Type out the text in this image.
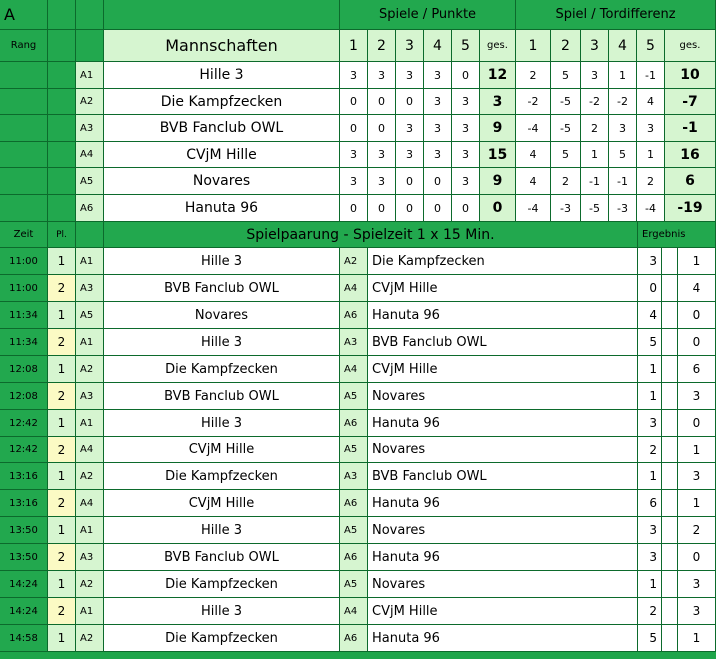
A	Spiele / Punkte	Spiel / Tordifferenz
Rang	Mannschaften	1	2	3	4	5	ges.	1	2	3	4	5	ges.
A1	Hille 3	3	3	3	3	0	12	2	5	3	1	-1	10
A2	Die Kampfzecken	0	0	0	3	3	3	-2	-5	-2	-2	4	-7
A3	BVB Fanclub OWL	0	0	3	3	3	9	-4	-5	2	3	3	-1
A4	CVjM Hille	3	3	3	3	3	15	4	5	1	5	1	16
A5	Novares	3	3	0	0	3	9	4	2	-1	-1	2	6
A6	Hanuta 96	0	0	0	0	0	0	-4	-3	-5	-3	-4	-19
Zeit	Pl.	Spielpaarung - Spielzeit 1 x 15 Min.	Ergebnis
11:00	1	A1	Hille 3	A2	Die Kampfzecken	3	1
11:00	2	A3	BVB Fanclub OWL	A4	CVjM Hille	0	4
11:34	1	A5	Novares	A6	Hanuta 96	4	0
11:34	2	A1	Hille 3	A3	BVB Fanclub OWL	5	0
12:08	1	A2	Die Kampfzecken	A4	CVjM Hille	1	6
12:08	2	A3	BVB Fanclub OWL	A5	Novares	1	3
12:42	1	A1	Hille 3	A6	Hanuta 96	3	0
12:42	2	A4	CVjM Hille	A5	Novares	2	1
13:16	1	A2	Die Kampfzecken	A3	BVB Fanclub OWL	1	3
13:16	2	A4	CVjM Hille	A6	Hanuta 96	6	1
13:50	1	A1	Hille 3	A5	Novares	3	2
13:50	2	A3	BVB Fanclub OWL	A6	Hanuta 96	3	0
14:24	1	A2	Die Kampfzecken	A5	Novares	1	3
14:24	2	A1	Hille 3	A4	CVjM Hille	2	3
14:58	1	A2	Die Kampfzecken	A6	Hanuta 96	5	1
